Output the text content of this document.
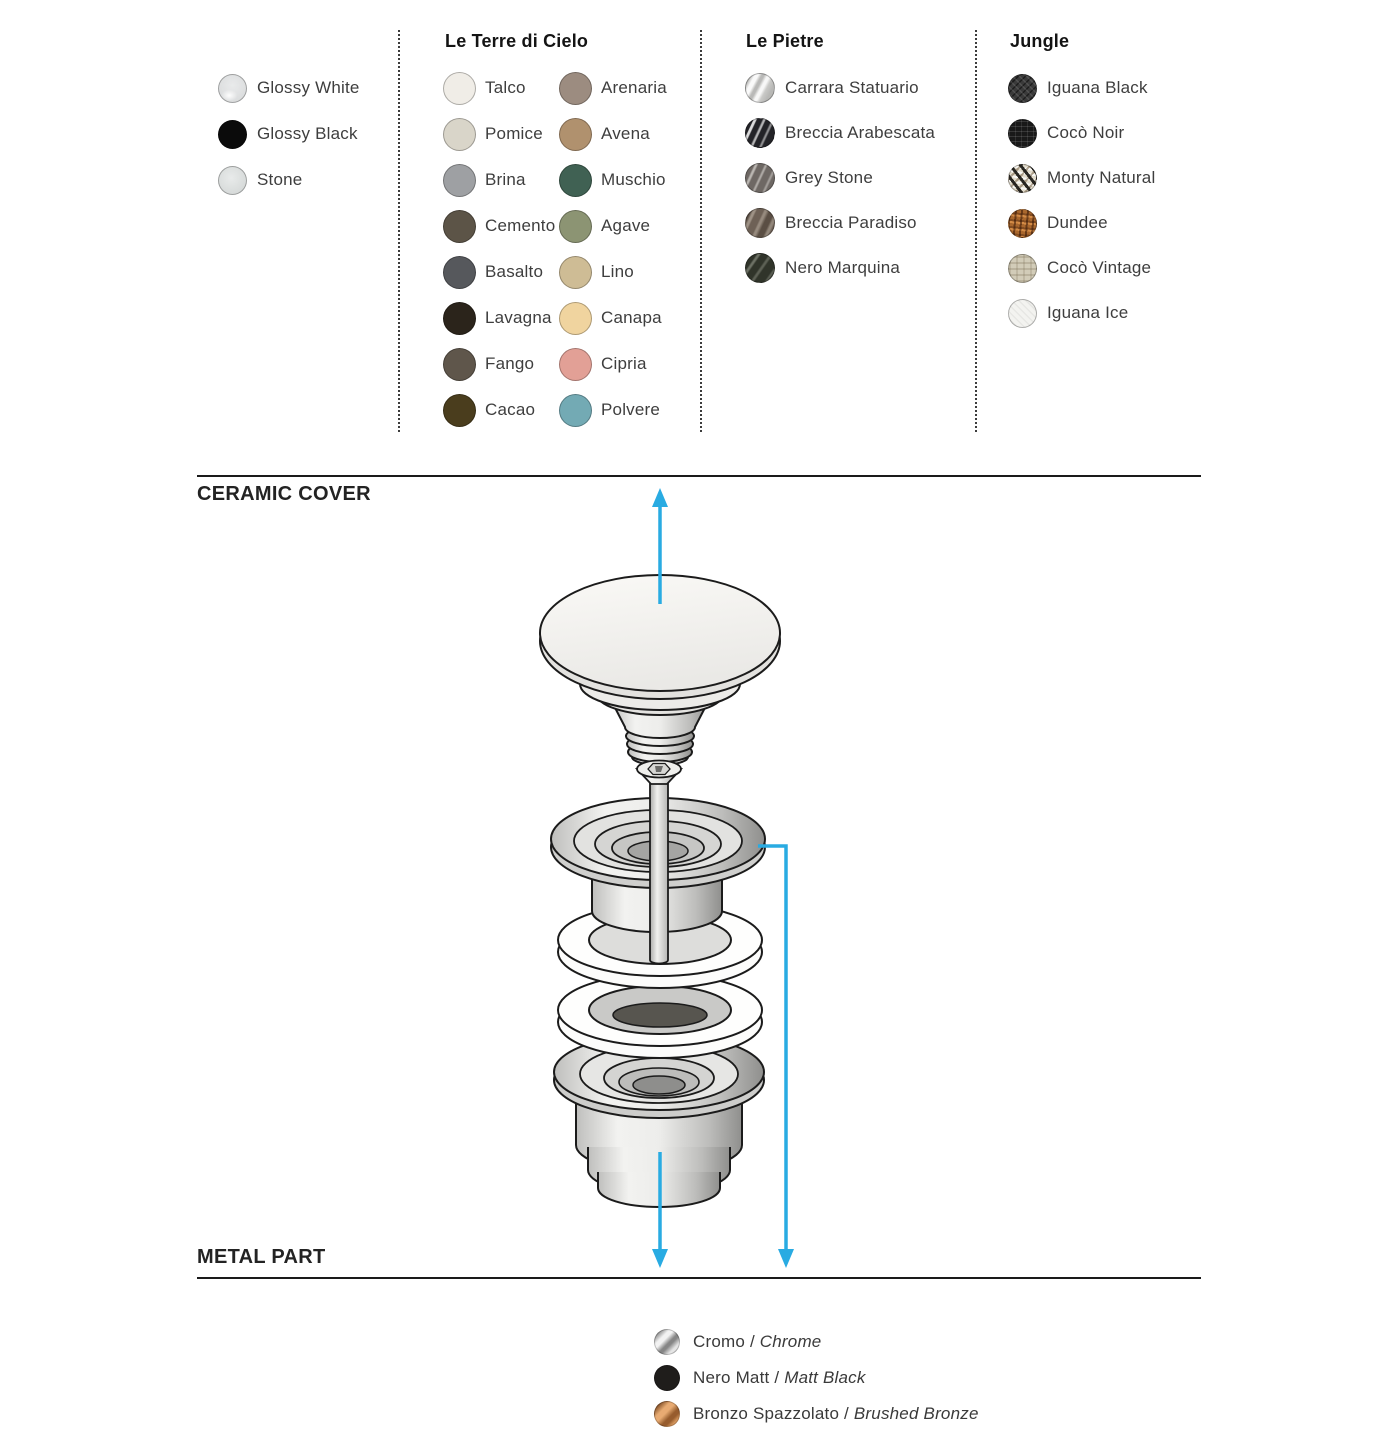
Glossy White
Glossy Black
Stone
Le Terre di Cielo
Talco
Pomice
Brina
Cemento
Basalto
Lavagna
Fango
Cacao
Arenaria
Avena
Muschio
Agave
Lino
Canapa
Cipria
Polvere
Le Pietre
Carrara Statuario
Breccia Arabescata
Grey Stone
Breccia Paradiso
Nero Marquina
Jungle
Iguana Black
Cocò Noir
Monty Natural
Dundee
Cocò Vintage
Iguana Ice
CERAMIC COVER
METAL PART
Cromo / Chrome
Nero Matt / Matt Black
Bronzo Spazzolato / Brushed Bronze
